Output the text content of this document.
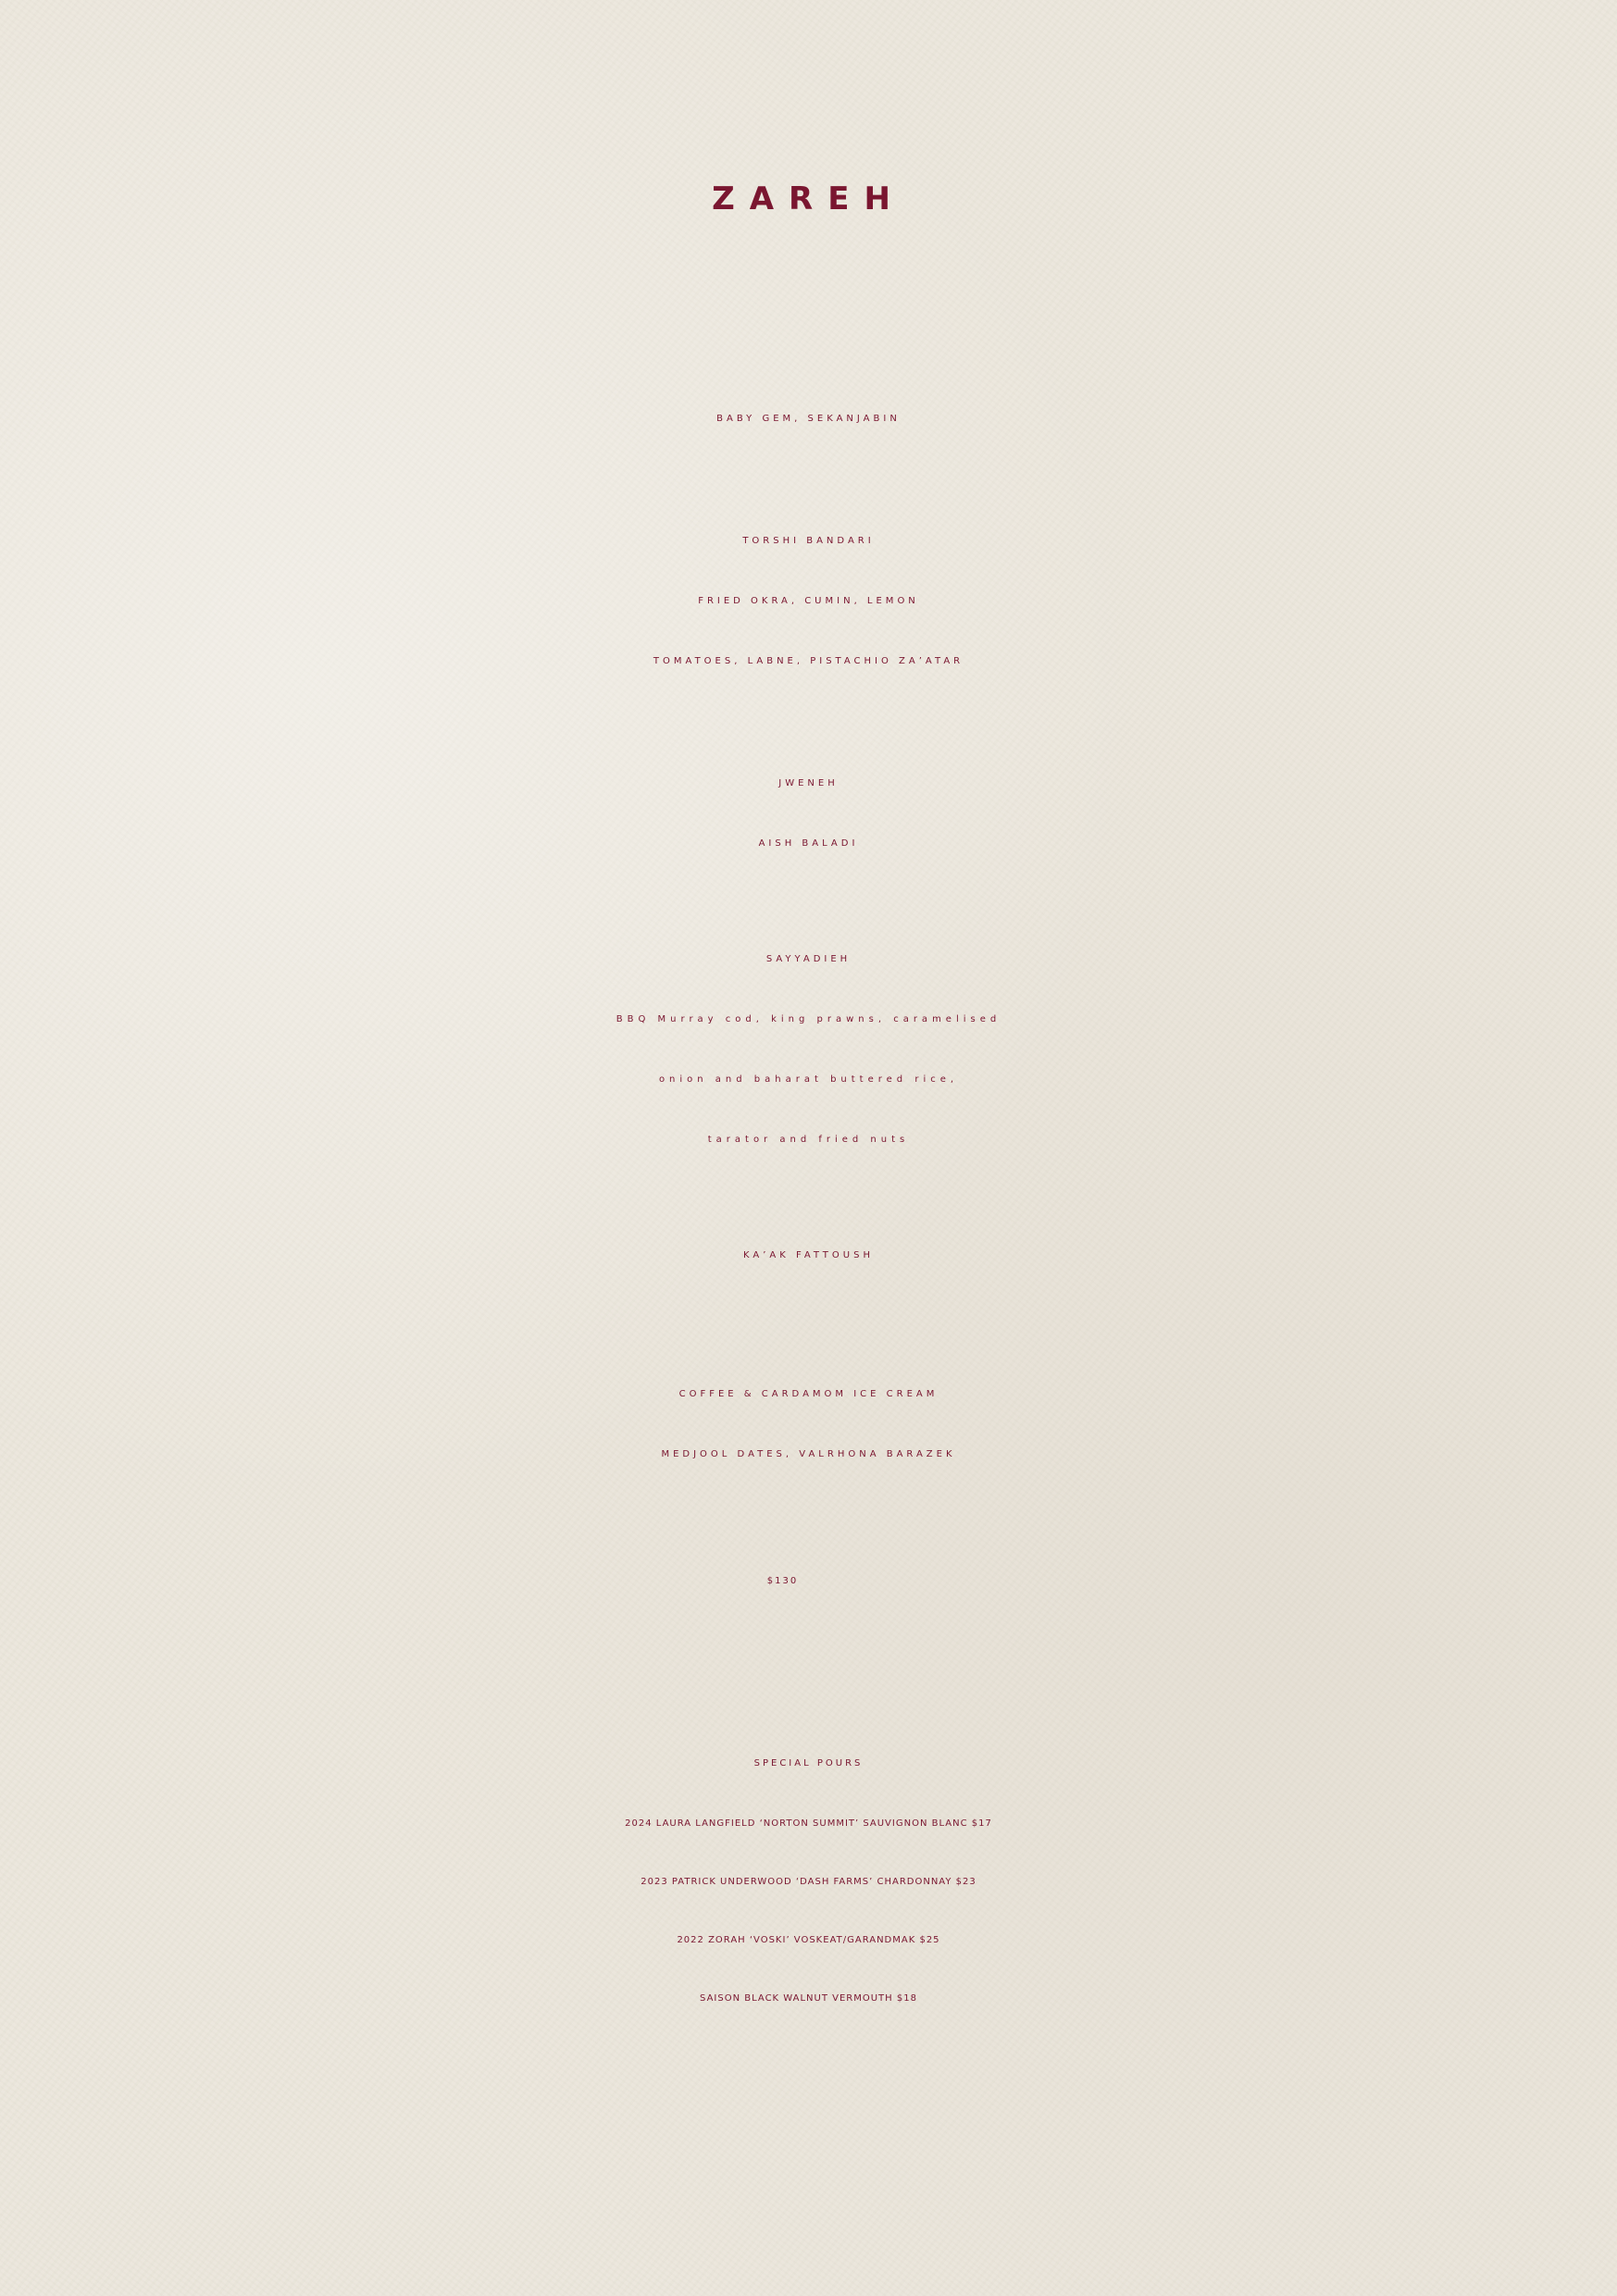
ZAREH
BABY GEM, SEKANJABIN
TORSHI BANDARI
FRIED OKRA, CUMIN, LEMON
TOMATOES, LABNE, PISTACHIO ZA’ATAR
JWENEH
AISH BALADI
SAYYADIEH
BBQ Murray cod, king prawns, caramelised
onion and baharat buttered rice,
tarator and fried nuts
KA’AK FATTOUSH
COFFEE & CARDAMOM ICE CREAM
MEDJOOL DATES, VALRHONA BARAZEK
$130
SPECIAL POURS
2024 LAURA LANGFIELD ‘NORTON SUMMIT’ SAUVIGNON BLANC $17
2023 PATRICK UNDERWOOD ‘DASH FARMS’ CHARDONNAY $23
2022 ZORAH ‘VOSKI’ VOSKEAT/GARANDMAK $25
SAISON BLACK WALNUT VERMOUTH $18
